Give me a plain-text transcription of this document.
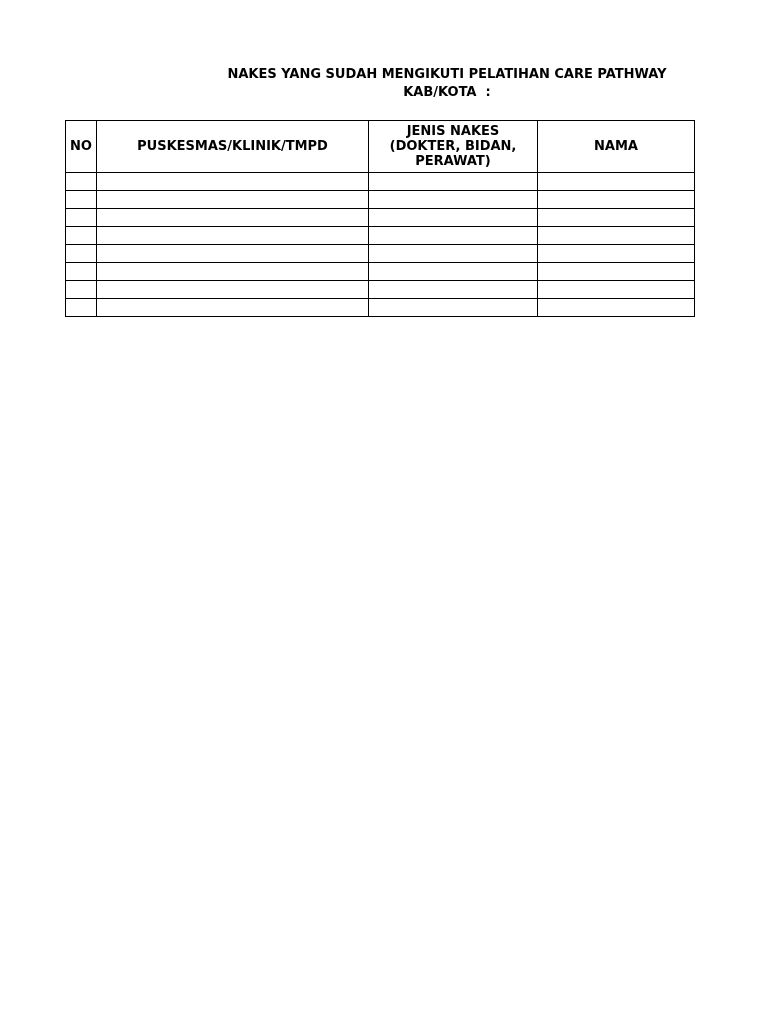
NAKES YANG SUDAH MENGIKUTI PELATIHAN CARE PATHWAY
KAB/KOTA  :
NO	PUSKESMAS/KLINIK/TMPD	JENIS NAKES
(DOKTER, BIDAN,
PERAWAT)	NAMA
